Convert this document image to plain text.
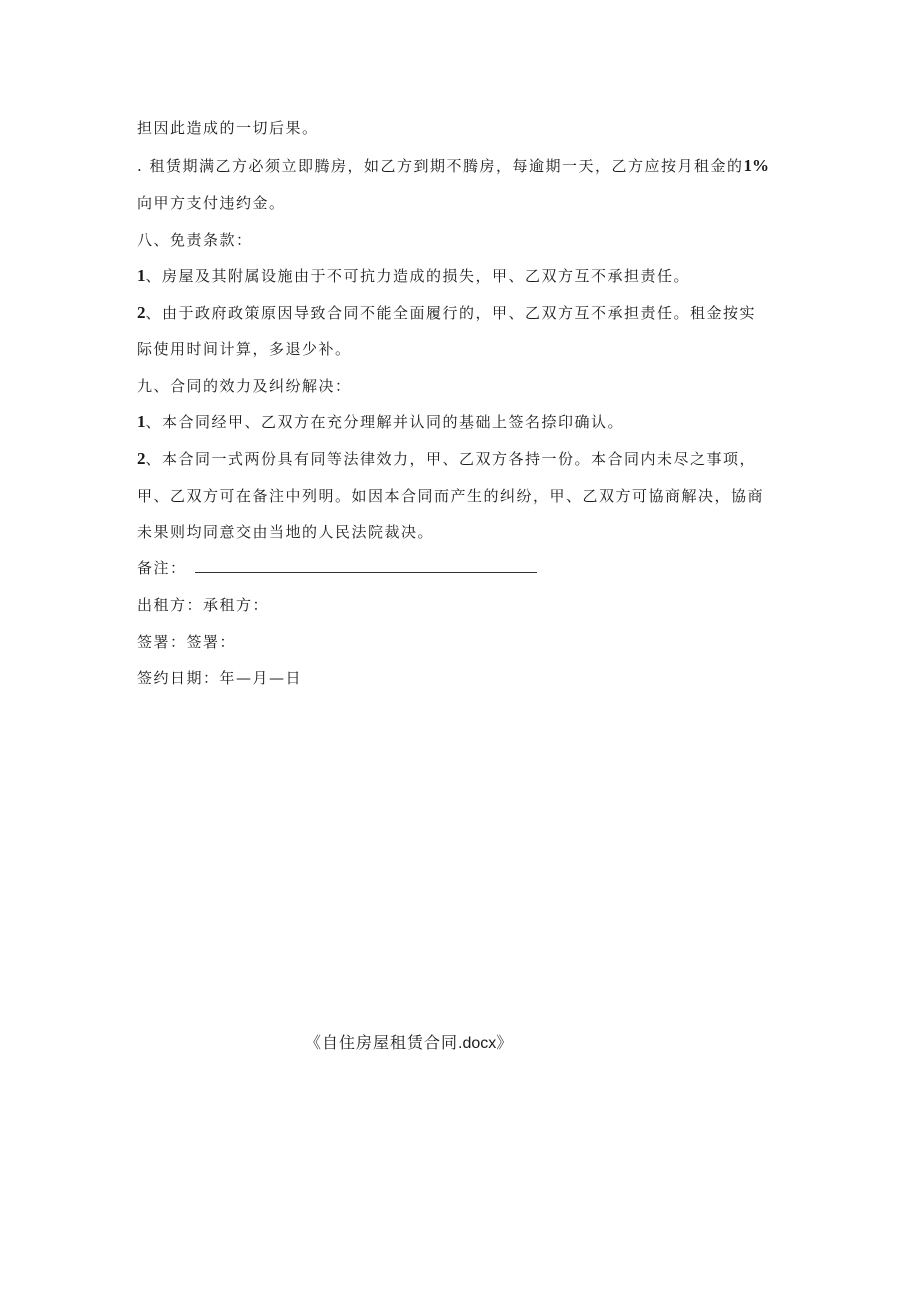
担因此造成的一切后果。
. 租赁期满乙方必须立即腾房，如乙方到期不腾房，每逾期一天，乙方应按月租金的1%
向甲方支付违约金。
八、免责条款：
1、房屋及其附属设施由于不可抗力造成的损失，甲、乙双方互不承担责任。
2、由于政府政策原因导致合同不能全面履行的，甲、乙双方互不承担责任。租金按实
际使用时间计算，多退少补。
九、合同的效力及纠纷解决：
1、本合同经甲、乙双方在充分理解并认同的基础上签名捺印确认。
2、本合同一式两份具有同等法律效力，甲、乙双方各持一份。本合同内未尽之事项，
甲、乙双方可在备注中列明。如因本合同而产生的纠纷，甲、乙双方可協商解决，協商
未果则均同意交由当地的人民法院裁决。
备注：
出租方：承租方：
签署：签署：
签约日期：年—月—日
《自住房屋租赁合同.docx》
